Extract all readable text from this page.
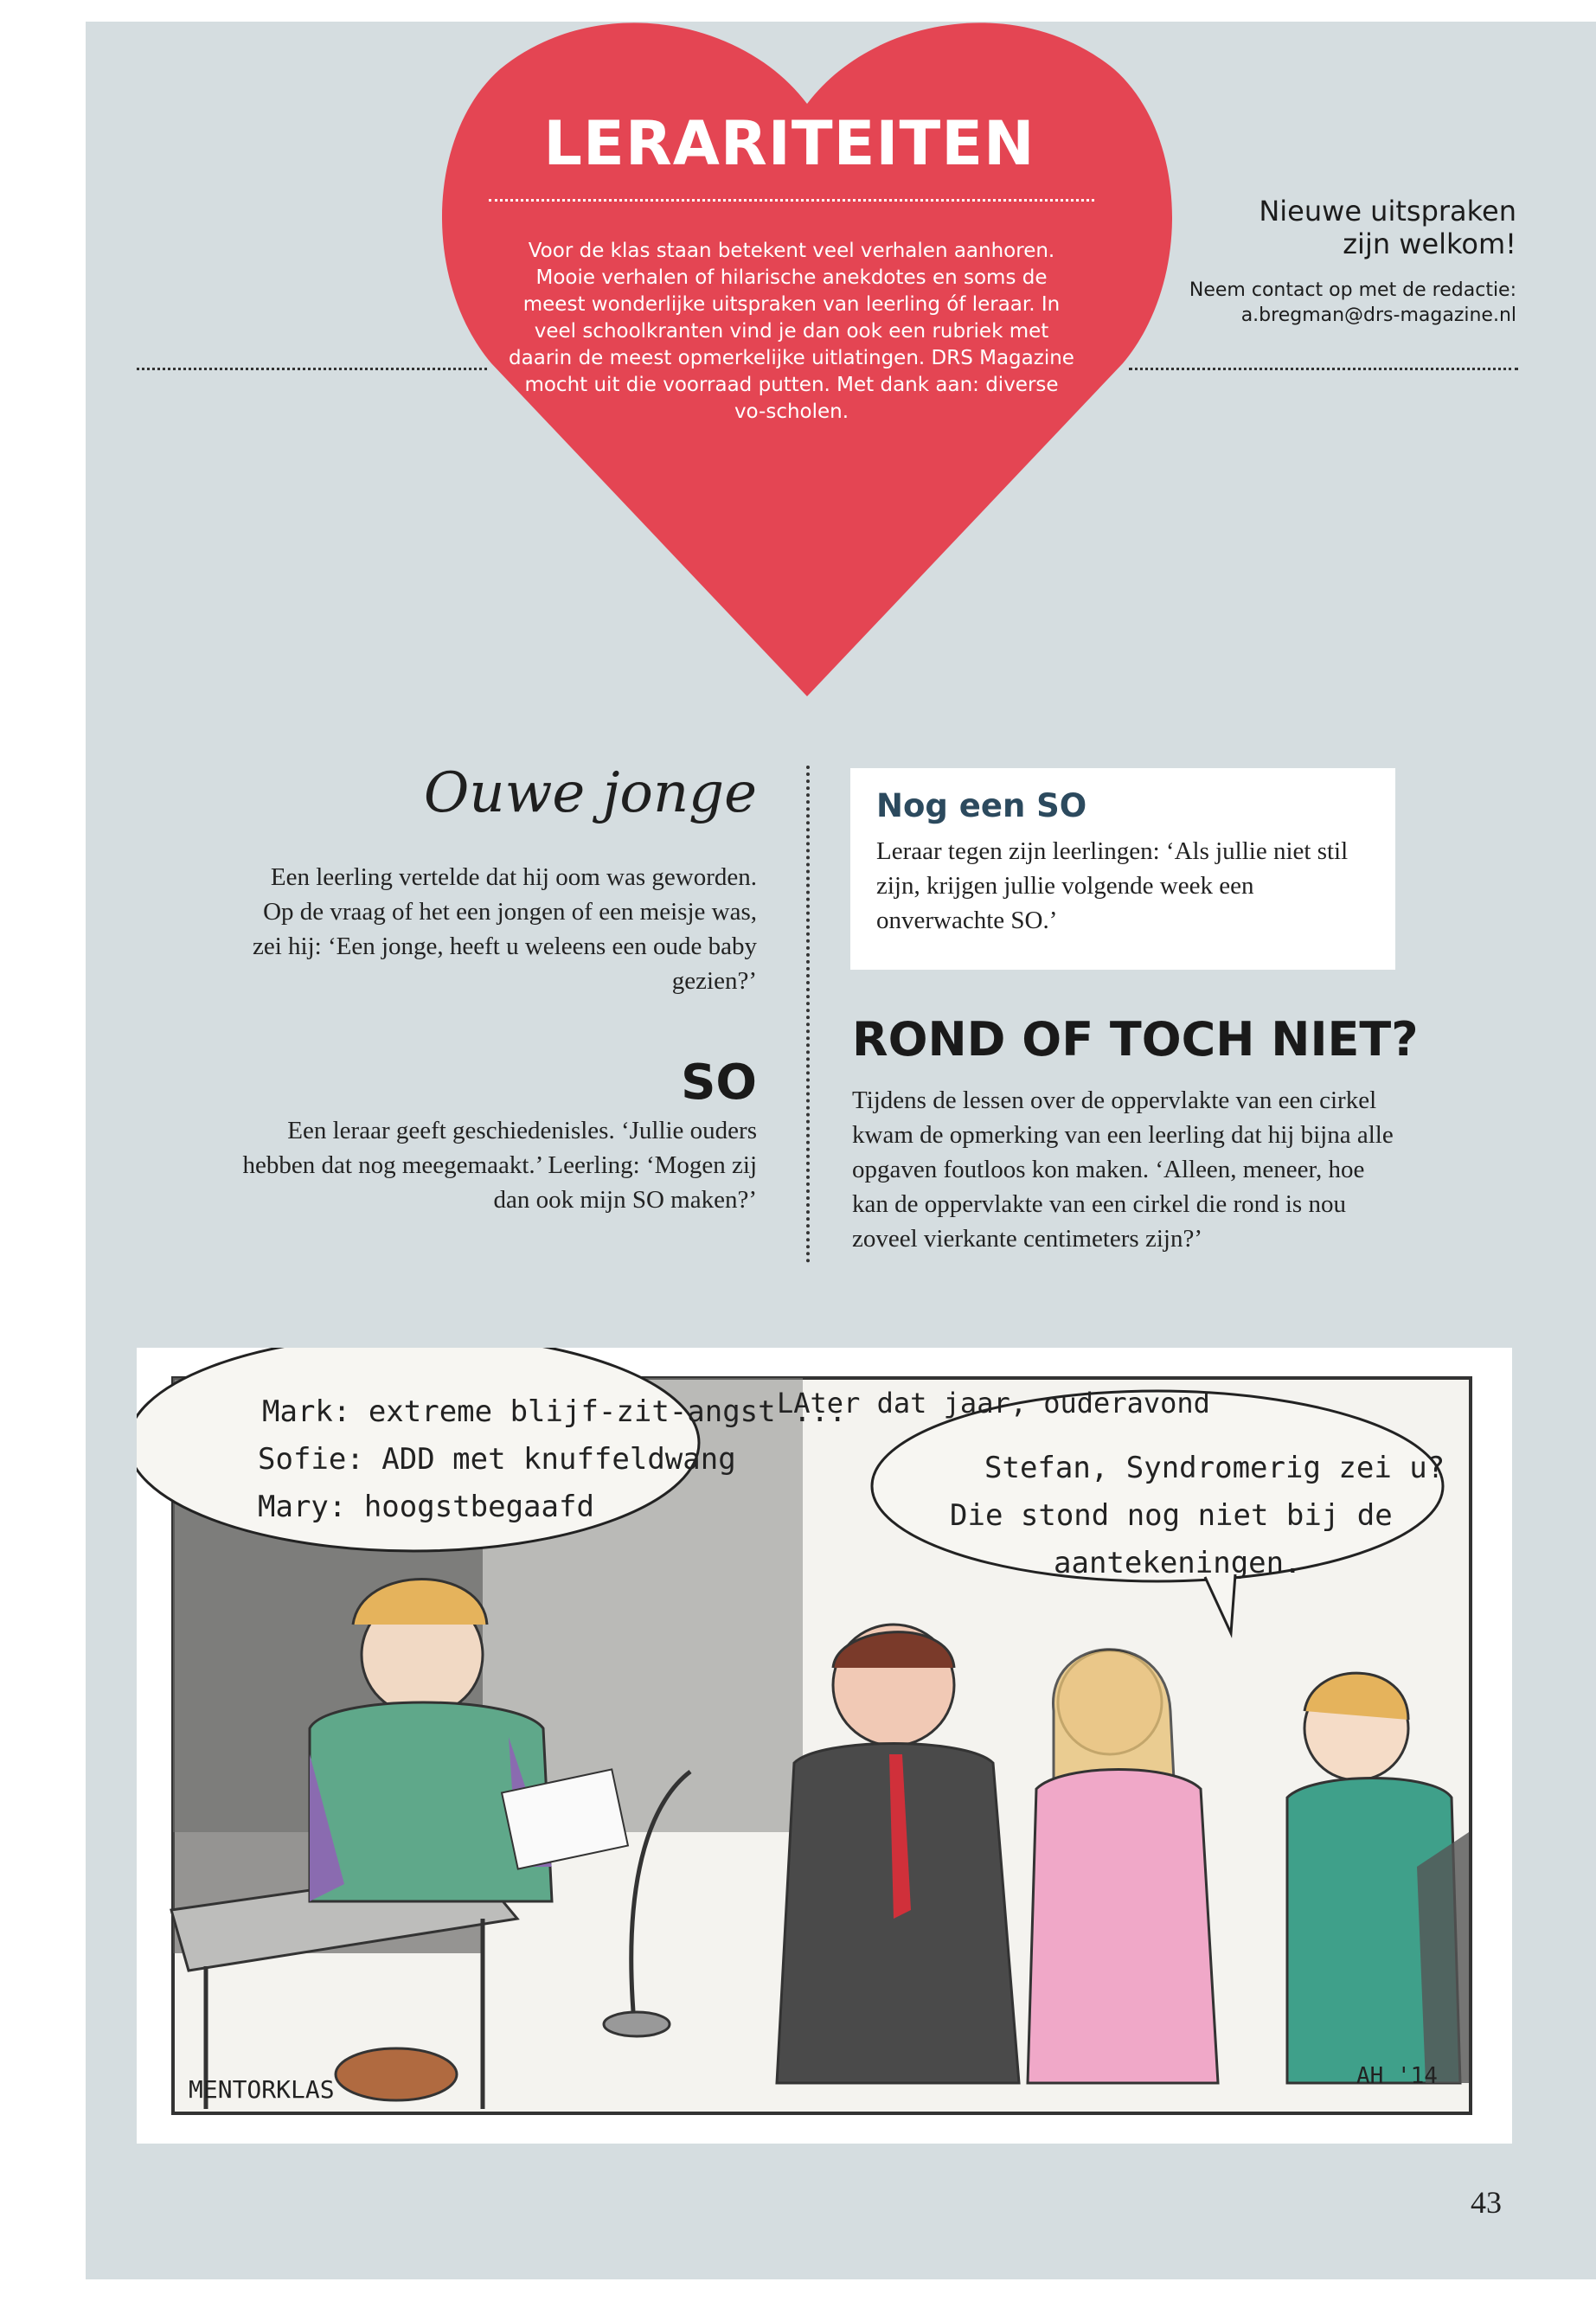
LERARITEITEN
Voor de klas staan betekent veel verhalen aanhoren. Mooie verhalen of hilarische anekdotes en soms de meest wonderlijke uitspraken van leerling óf leraar. In veel schoolkranten vind je dan ook een rubriek met daarin de meest opmerkelijke uitlatingen. DRS Magazine mocht uit die voorraad putten. Met dank aan: diverse vo-scholen.
Nieuwe uitspraken
zijn welkom!
Neem contact op met de redactie:
a.bregman@drs-magazine.nl
Ouwe jonge
Een leerling vertelde dat hij oom was geworden. Op de vraag of het een jongen of een meisje was, zei hij: ‘Een jonge, heeft u weleens een oude baby gezien?’
SO
Een leraar geeft geschiedenisles. ‘Jullie ouders hebben dat nog meegemaakt.’ Leerling: ‘Mogen zij dan ook mijn SO maken?’
Nog een SO
Leraar tegen zijn leerlingen: ‘Als jullie niet stil zijn, krijgen jullie volgende week een onverwachte SO.’
ROND OF TOCH NIET?
Tijdens de lessen over de oppervlakte van een cirkel kwam de opmerking van een leerling dat hij bijna alle opgaven foutloos kon maken. ‘Alleen, meneer, hoe kan de oppervlakte van een cirkel die rond is nou zoveel vierkante centimeters zijn?’
Mark: extreme blijf-zit-angst ...
Sofie: ADD met knuffeldwang
Mary: hoogstbegaafd
LAter dat jaar, ouderavond
Stefan, Syndromerig zei u?
Die stond nog niet bij de
aantekeningen.
MENTORKLAS	AH '14
43
